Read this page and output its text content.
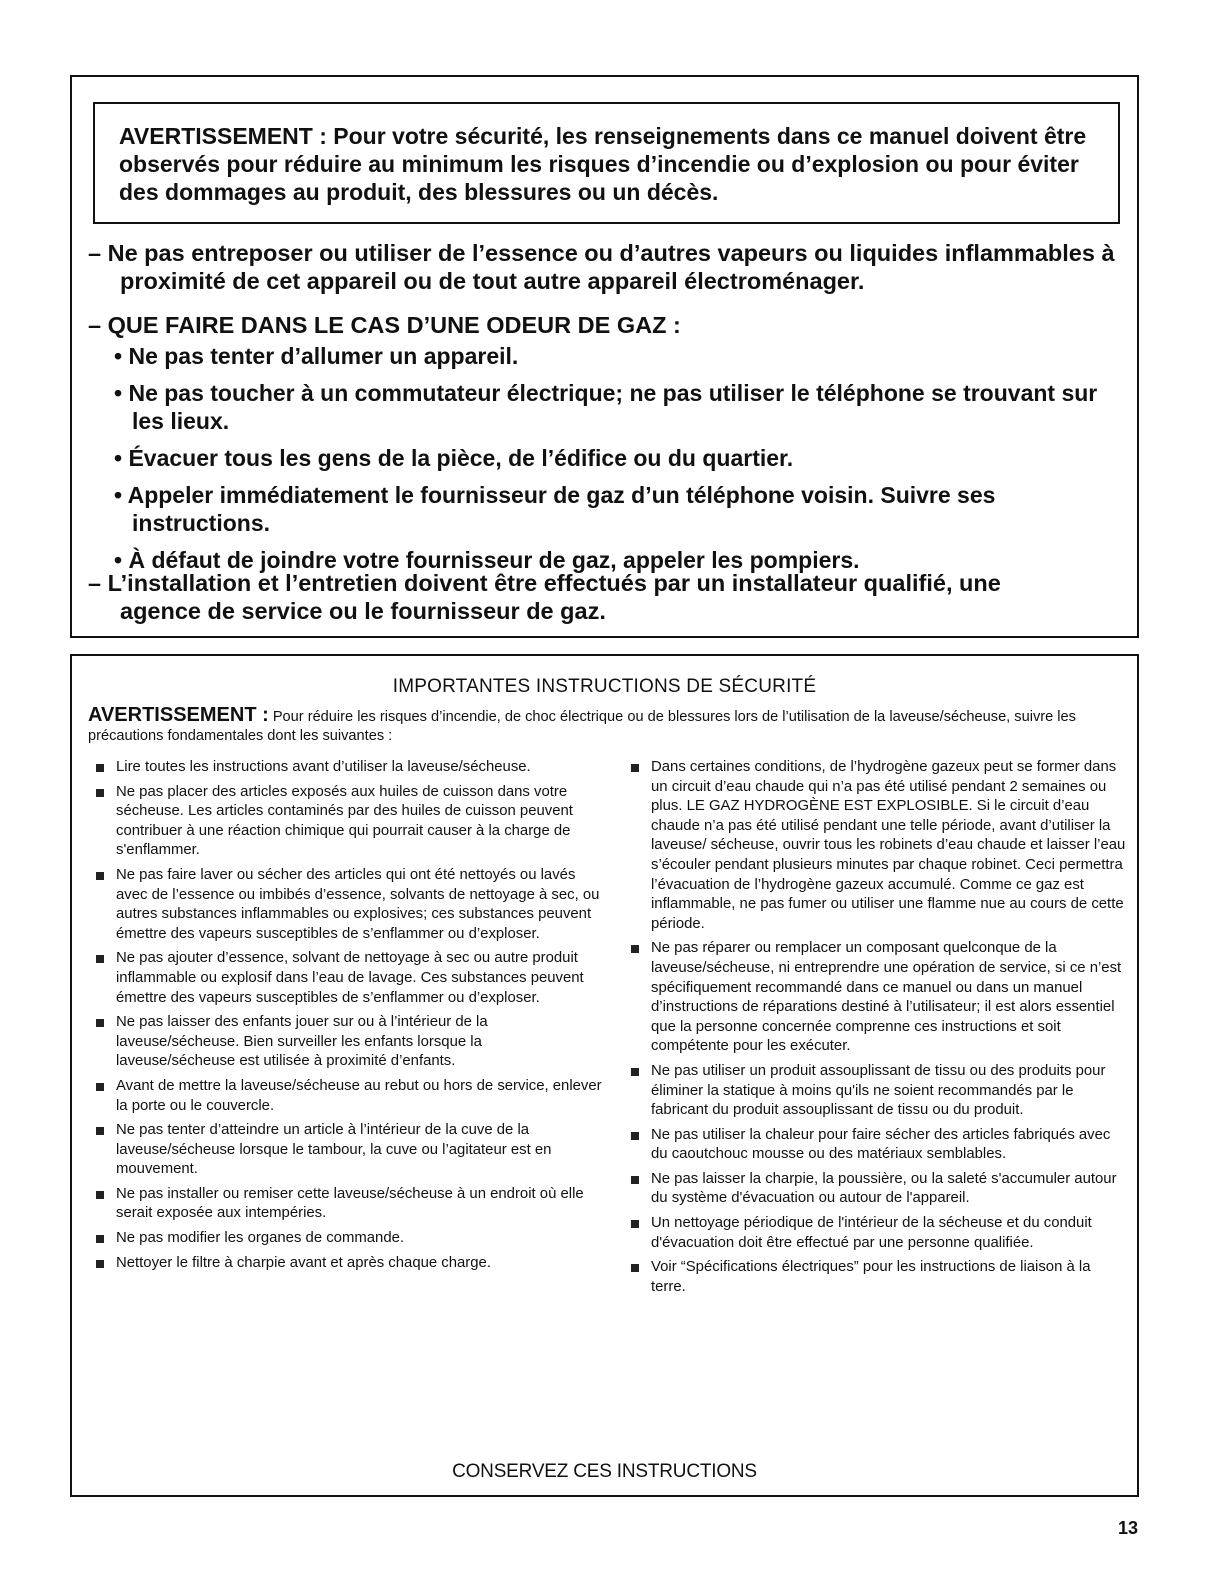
AVERTISSEMENT : Pour votre sécurité, les renseignements dans ce manuel doivent être observés pour réduire au minimum les risques d’incendie ou d’explosion ou pour éviter des dommages au produit, des blessures ou un décès.
– Ne pas entreposer ou utiliser de l’essence ou d’autres vapeurs ou liquides inflammables à proximité de cet appareil ou de tout autre appareil électroménager.
– QUE FAIRE DANS LE CAS D’UNE ODEUR DE GAZ :
• Ne pas tenter d’allumer un appareil.
• Ne pas toucher à un commutateur électrique; ne pas utiliser le téléphone se trouvant sur les lieux.
• Évacuer tous les gens de la pièce, de l’édifice ou du quartier.
• Appeler immédiatement le fournisseur de gaz d’un téléphone voisin. Suivre ses instructions.
• À défaut de joindre votre fournisseur de gaz, appeler les pompiers.
– L’installation et l’entretien doivent être effectués par un installateur qualifié, une agence de service ou le fournisseur de gaz.
IMPORTANTES INSTRUCTIONS DE SÉCURITÉ
AVERTISSEMENT : Pour réduire les risques d’incendie, de choc électrique ou de blessures lors de l’utilisation de la laveuse/sécheuse, suivre les précautions fondamentales dont les suivantes :
Lire toutes les instructions avant d’utiliser la laveuse/sécheuse.
Ne pas placer des articles exposés aux huiles de cuisson dans votre sécheuse. Les articles contaminés par des huiles de cuisson peuvent contribuer à une réaction chimique qui pourrait causer à la charge de s'enflammer.
Ne pas faire laver ou sécher des articles qui ont été nettoyés ou lavés avec de l’essence ou imbibés d’essence, solvants de nettoyage à sec, ou autres substances inflammables ou explosives; ces substances peuvent émettre des vapeurs susceptibles de s’enflammer ou d’exploser.
Ne pas ajouter d’essence, solvant de nettoyage à sec ou autre produit inflammable ou explosif dans l’eau de lavage. Ces substances peuvent émettre des vapeurs susceptibles de s’enflammer ou d’exploser.
Ne pas laisser des enfants jouer sur ou à l’intérieur de la laveuse/sécheuse. Bien surveiller les enfants lorsque la laveuse/sécheuse est utilisée à proximité d’enfants.
Avant de mettre la laveuse/sécheuse au rebut ou hors de service, enlever la porte ou le couvercle.
Ne pas tenter d’atteindre un article à l’intérieur de la cuve de la laveuse/sécheuse lorsque le tambour, la cuve ou l’agitateur est en mouvement.
Ne pas installer ou remiser cette laveuse/sécheuse à un endroit où elle serait exposée aux intempéries.
Ne pas modifier les organes de commande.
Nettoyer le filtre à charpie avant et après chaque charge.
Dans certaines conditions, de l’hydrogène gazeux peut se former dans un circuit d’eau chaude qui n’a pas été utilisé pendant 2 semaines ou plus. LE GAZ HYDROGÈNE EST EXPLOSIBLE. Si le circuit d’eau chaude n’a pas été utilisé pendant une telle période, avant d’utiliser la laveuse/ sécheuse, ouvrir tous les robinets d’eau chaude et laisser l’eau s’écouler pendant plusieurs minutes par chaque robinet. Ceci permettra l’évacuation de l’hydrogène gazeux accumulé. Comme ce gaz est inflammable, ne pas fumer ou utiliser une flamme nue au cours de cette période.
Ne pas réparer ou remplacer un composant quelconque de la laveuse/sécheuse, ni entreprendre une opération de service, si ce n’est spécifiquement recommandé dans ce manuel ou dans un manuel d’instructions de réparations destiné à l’utilisateur; il est alors essentiel que la personne concernée comprenne ces instructions et soit compétente pour les exécuter.
Ne pas utiliser un produit assouplissant de tissu ou des produits pour éliminer la statique à moins qu'ils ne soient recommandés par le fabricant du produit assouplissant de tissu ou du produit.
Ne pas utiliser la chaleur pour faire sécher des articles fabriqués avec du caoutchouc mousse ou des matériaux semblables.
Ne pas laisser la charpie, la poussière, ou la saleté s'accumuler autour du système d'évacuation ou autour de l'appareil.
Un nettoyage périodique de l'intérieur de la sécheuse et du conduit d'évacuation doit être effectué par une personne qualifiée.
Voir “Spécifications électriques” pour les instructions de liaison à la terre.
CONSERVEZ CES INSTRUCTIONS
13
